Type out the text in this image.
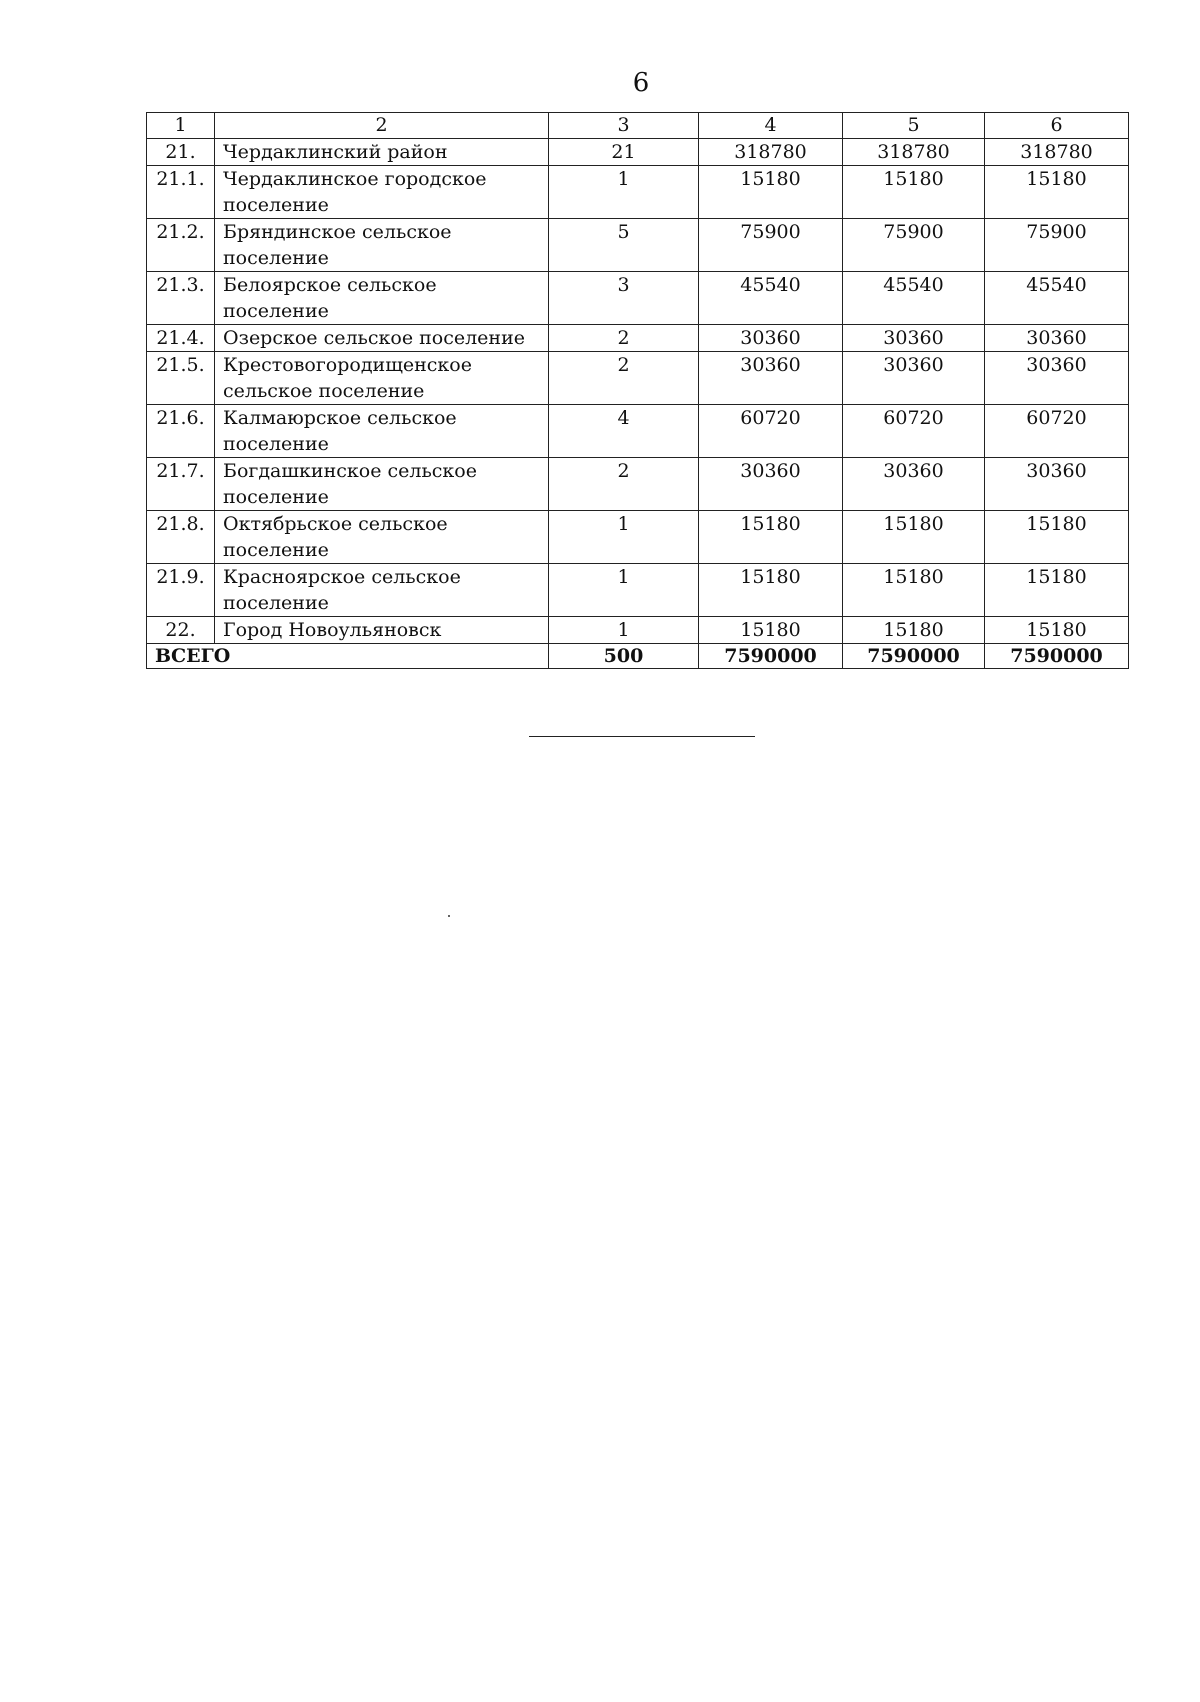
6
1	2	3	4	5	6
21.	Чердаклинский район	21	318780	318780	318780
21.1.	Чердаклинское городское поселение	1	15180	15180	15180
21.2.	Бряндинское сельское поселение	5	75900	75900	75900
21.3.	Белоярское сельское поселение	3	45540	45540	45540
21.4.	Озерское сельское поселение	2	30360	30360	30360
21.5.	Крестовогородищенское сельское поселение	2	30360	30360	30360
21.6.	Калмаюрское сельское поселение	4	60720	60720	60720
21.7.	Богдашкинское сельское поселение	2	30360	30360	30360
21.8.	Октябрьское сельское поселение	1	15180	15180	15180
21.9.	Красноярское сельское поселение	1	15180	15180	15180
22.	Город Новоульяновск	1	15180	15180	15180
ВСЕГО		500	7590000	7590000	7590000
